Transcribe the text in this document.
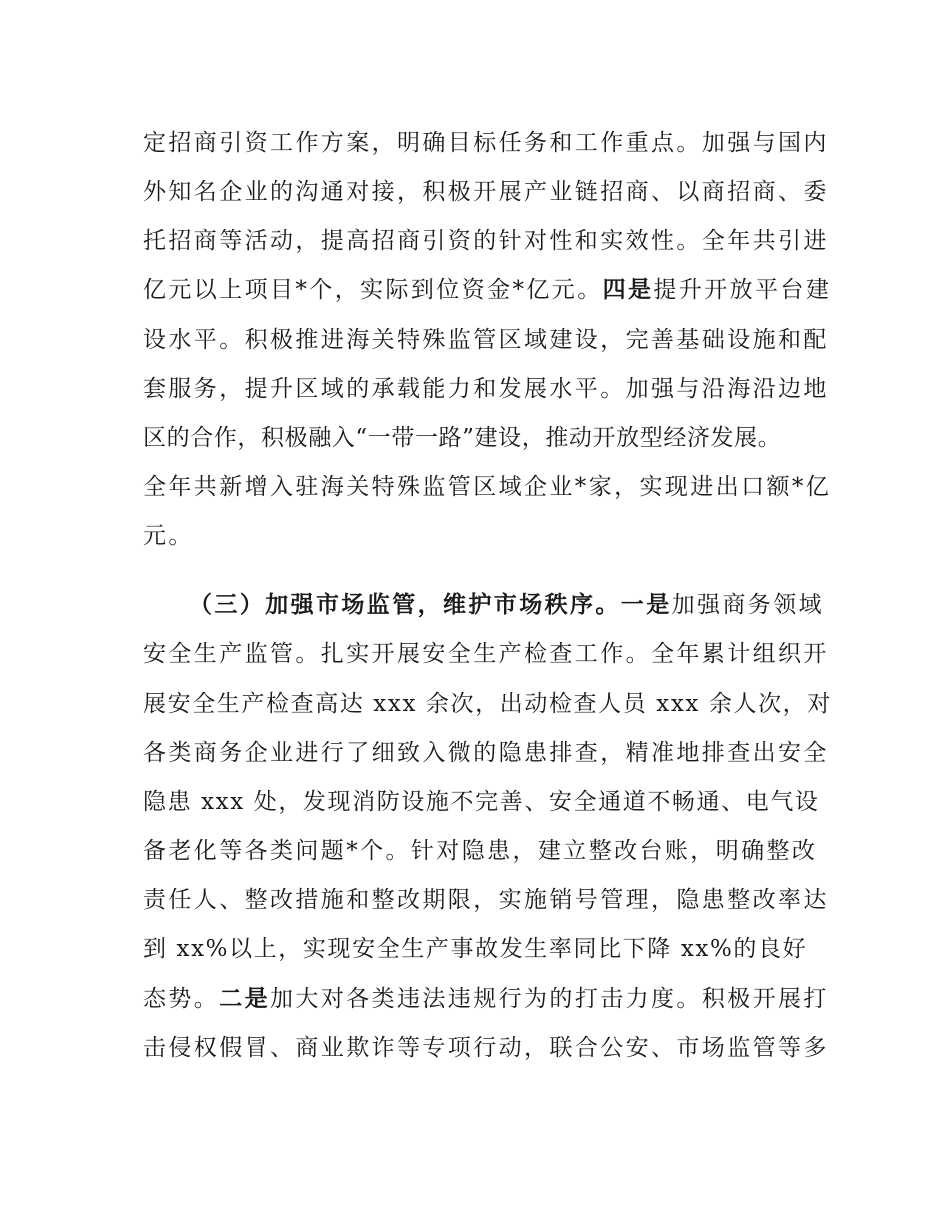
定招商引资工作方案，明确目标任务和工作重点。加强与国内
外知名企业的沟通对接，积极开展产业链招商、以商招商、委
托招商等活动，提高招商引资的针对性和实效性。全年共引进
亿元以上项目*个，实际到位资金*亿元。四是提升开放平台建
设水平。积极推进海关特殊监管区域建设，完善基础设施和配
套服务，提升区域的承载能力和发展水平。加强与沿海沿边地
区的合作，积极融入“一带一路”建设，推动开放型经济发展。
全年共新增入驻海关特殊监管区域企业*家，实现进出口额*亿
元。
（三）加强市场监管，维护市场秩序。一是加强商务领域
安全生产监管。扎实开展安全生产检查工作。全年累计组织开
展安全生产检查高达 xxx 余次，出动检查人员 xxx 余人次，对
各类商务企业进行了细致入微的隐患排查，精准地排查出安全
隐患 xxx 处，发现消防设施不完善、安全通道不畅通、电气设
备老化等各类问题*个。针对隐患，建立整改台账，明确整改
责任人、整改措施和整改期限，实施销号管理，隐患整改率达
到 xx%以上，实现安全生产事故发生率同比下降 xx%的良好
态势。二是加大对各类违法违规行为的打击力度。积极开展打
击侵权假冒、商业欺诈等专项行动，联合公安、市场监管等多
